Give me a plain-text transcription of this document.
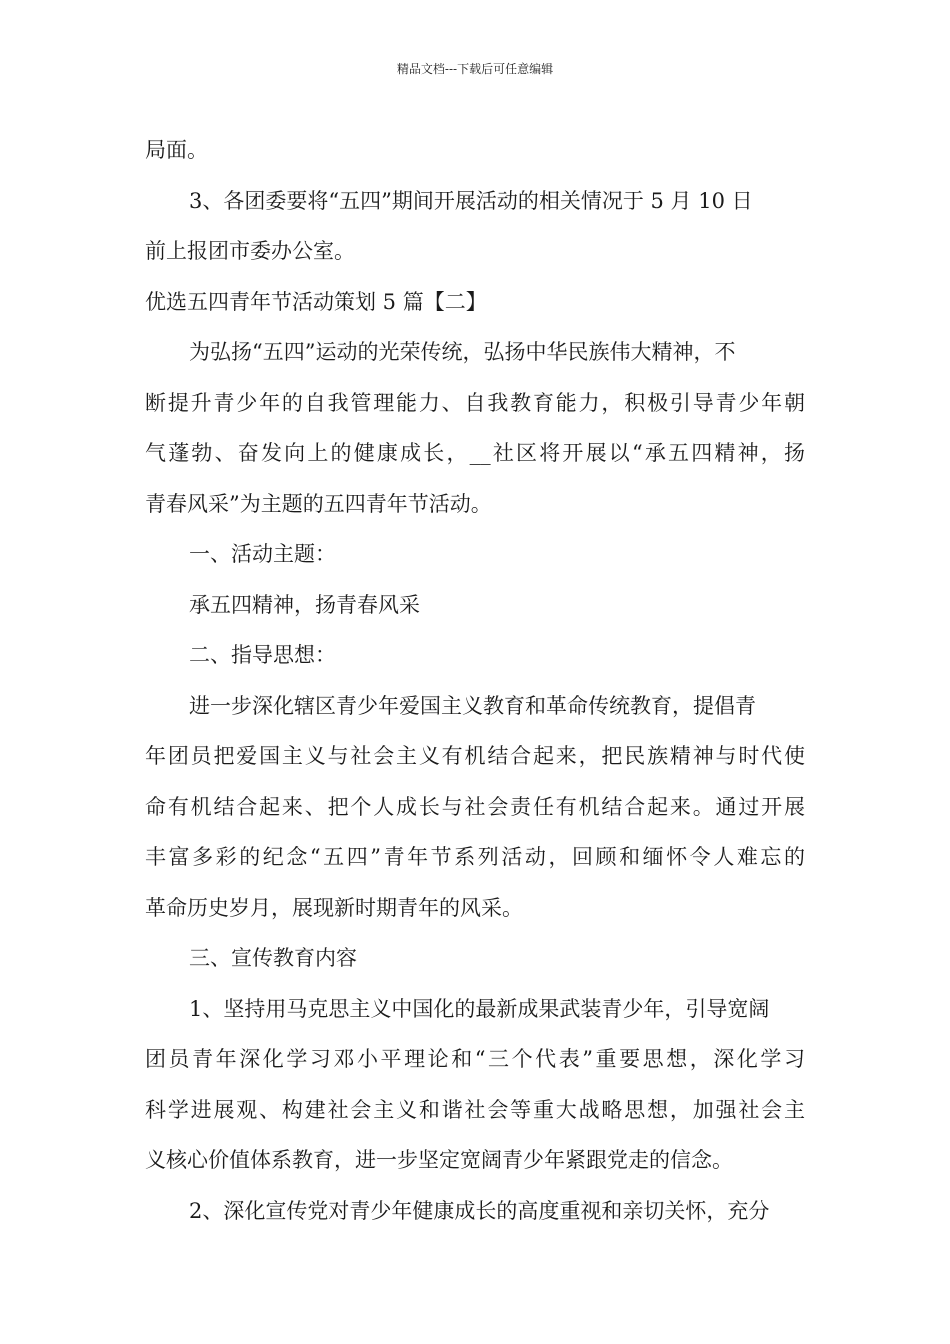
精品文档---下载后可任意编辑
局面。
3、各团委要将“五四”期间开展活动的相关情况于 5 月 10 日
前上报团市委办公室。
优选五四青年节活动策划 5 篇【二】
为弘扬“五四”运动的光荣传统，弘扬中华民族伟大精神，不
断提升青少年的自我管理能力、自我教育能力，积极引导青少年朝
气蓬勃、奋发向上的健康成长，__社区将开展以“承五四精神，扬
青春风采”为主题的五四青年节活动。
一、活动主题：
承五四精神，扬青春风采
二、指导思想：
进一步深化辖区青少年爱国主义教育和革命传统教育，提倡青
年团员把爱国主义与社会主义有机结合起来，把民族精神与时代使
命有机结合起来、把个人成长与社会责任有机结合起来。通过开展
丰富多彩的纪念“五四”青年节系列活动，回顾和缅怀令人难忘的
革命历史岁月，展现新时期青年的风采。
三、宣传教育内容
1、坚持用马克思主义中国化的最新成果武装青少年，引导宽阔
团员青年深化学习邓小平理论和“三个代表”重要思想，深化学习
科学进展观、构建社会主义和谐社会等重大战略思想，加强社会主
义核心价值体系教育，进一步坚定宽阔青少年紧跟党走的信念。
2、深化宣传党对青少年健康成长的高度重视和亲切关怀，充分
